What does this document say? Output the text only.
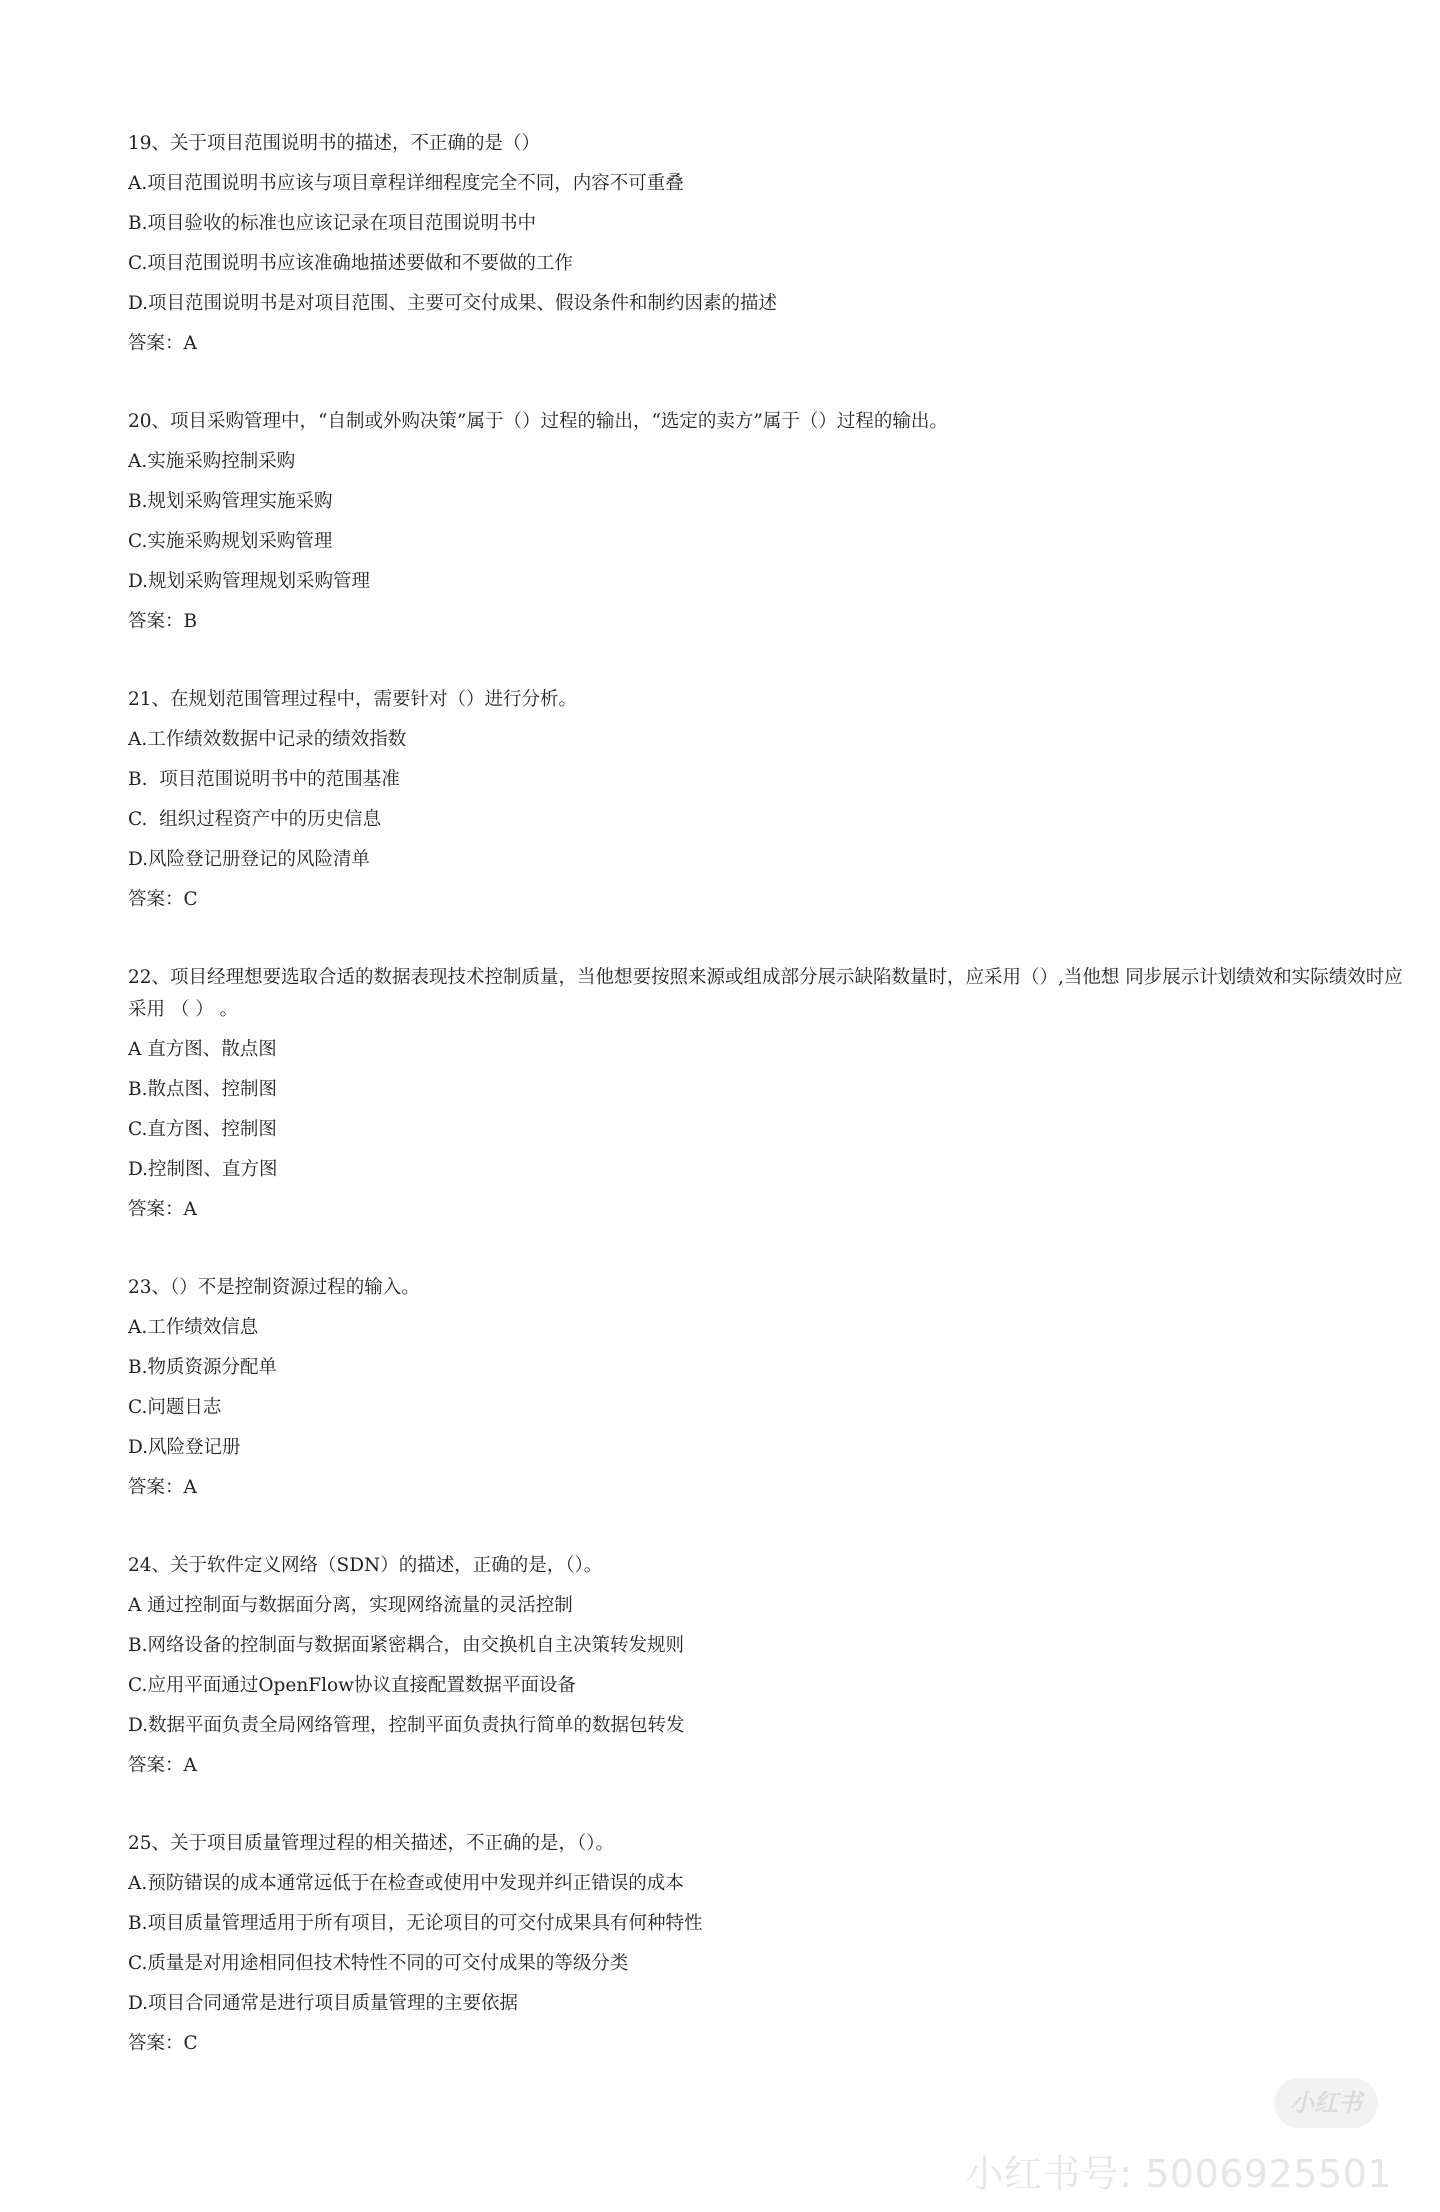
19、关于项目范围说明书的描述，不正确的是（）

A.项目范围说明书应该与项目章程详细程度完全不同，内容不可重叠

B.项目验收的标准也应该记录在项目范围说明书中

C.项目范围说明书应该准确地描述要做和不要做的工作

D.项目范围说明书是对项目范围、主要可交付成果、假设条件和制约因素的描述

答案：A

20、项目采购管理中，“自制或外购决策”属于（）过程的输出，“选定的卖方”属于（）过程的输出。

A.实施采购控制采购

B.规划采购管理实施采购

C.实施采购规划采购管理

D.规划采购管理规划采购管理

答案：B

21、在规划范围管理过程中，需要针对（）进行分析。

A.工作绩效数据中记录的绩效指数

B.  项目范围说明书中的范围基准

C.  组织过程资产中的历史信息

D.风险登记册登记的风险清单

答案：C

22、项目经理想要选取合适的数据表现技术控制质量，当他想要按照来源或组成部分展示缺陷数量时，应采用（）,当他想 同步展示计划绩效和实际绩效时应采用 （ ） 。

A 直方图、散点图

B.散点图、控制图

C.直方图、控制图

D.控制图、直方图

答案：A

23、（）不是控制资源过程的输入。

A.工作绩效信息

B.物质资源分配单

C.问题日志

D.风险登记册

答案：A

24、关于软件定义网络（SDN）的描述，正确的是，（）。

A 通过控制面与数据面分离，实现网络流量的灵活控制

B.网络设备的控制面与数据面紧密耦合，由交换机自主决策转发规则

C.应用平面通过OpenFlow协议直接配置数据平面设备

D.数据平面负责全局网络管理，控制平面负责执行简单的数据包转发

答案：A

25、关于项目质量管理过程的相关描述，不正确的是，（）。

A.预防错误的成本通常远低于在检查或使用中发现并纠正错误的成本

B.项目质量管理适用于所有项目，无论项目的可交付成果具有何种特性

C.质量是对用途相同但技术特性不同的可交付成果的等级分类

D.项目合同通常是进行项目质量管理的主要依据

答案：C

小红书
小红书号: 5006925501
